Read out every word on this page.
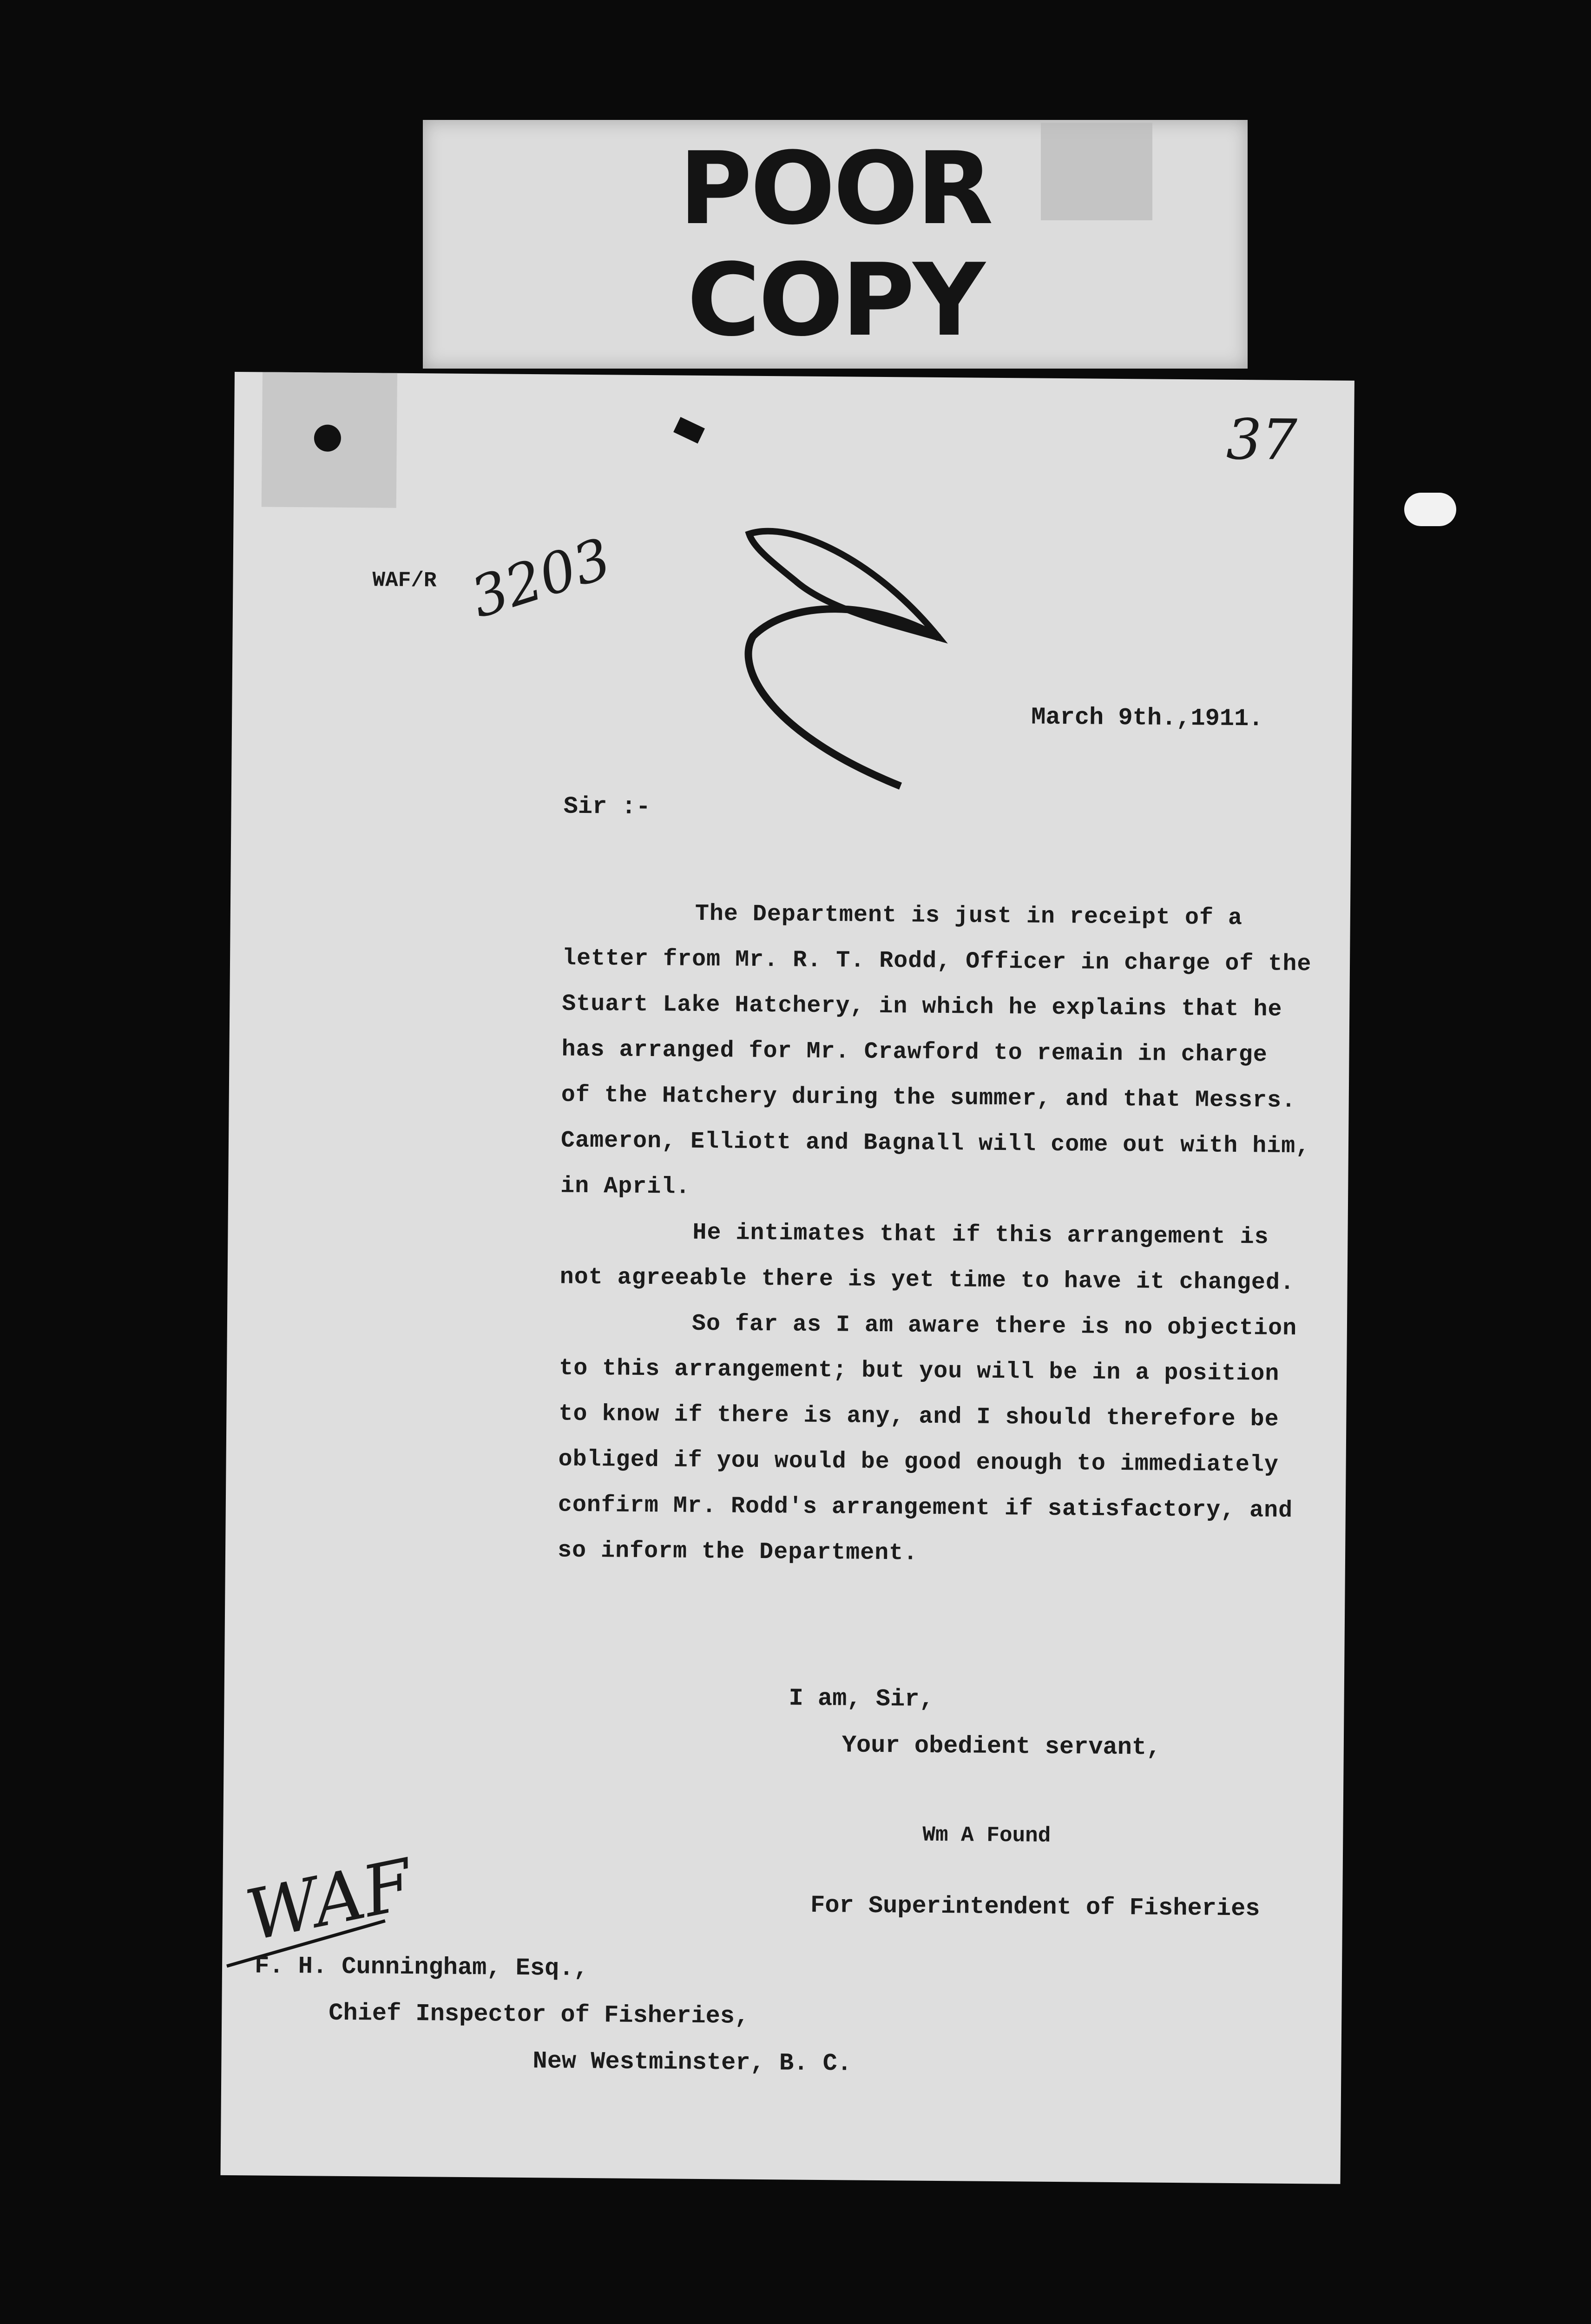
POOR
COPY
37
WAF/R 3203
March 9th.,1911.
Sir :-
The Department is just in receipt of a
letter from Mr. R. T. Rodd, Officer in charge of the
Stuart Lake Hatchery, in which he explains that he
has arranged for Mr. Crawford to remain in charge
of the Hatchery during the summer, and that Messrs.
Cameron, Elliott and Bagnall will come out with him,
in April.
He intimates that if this arrangement is
not agreeable there is yet time to have it changed.
So far as I am aware there is no objection
to this arrangement; but you will be in a position
to know if there is any, and I should therefore be
obliged if you would be good enough to immediately
confirm Mr. Rodd's arrangement if satisfactory, and
so inform the Department.
I am, Sir,
Your obedient servant,
Wm A Found
For Superintendent of Fisheries
WAF
F. H. Cunningham, Esq.,
Chief Inspector of Fisheries,
New Westminster, B. C.
